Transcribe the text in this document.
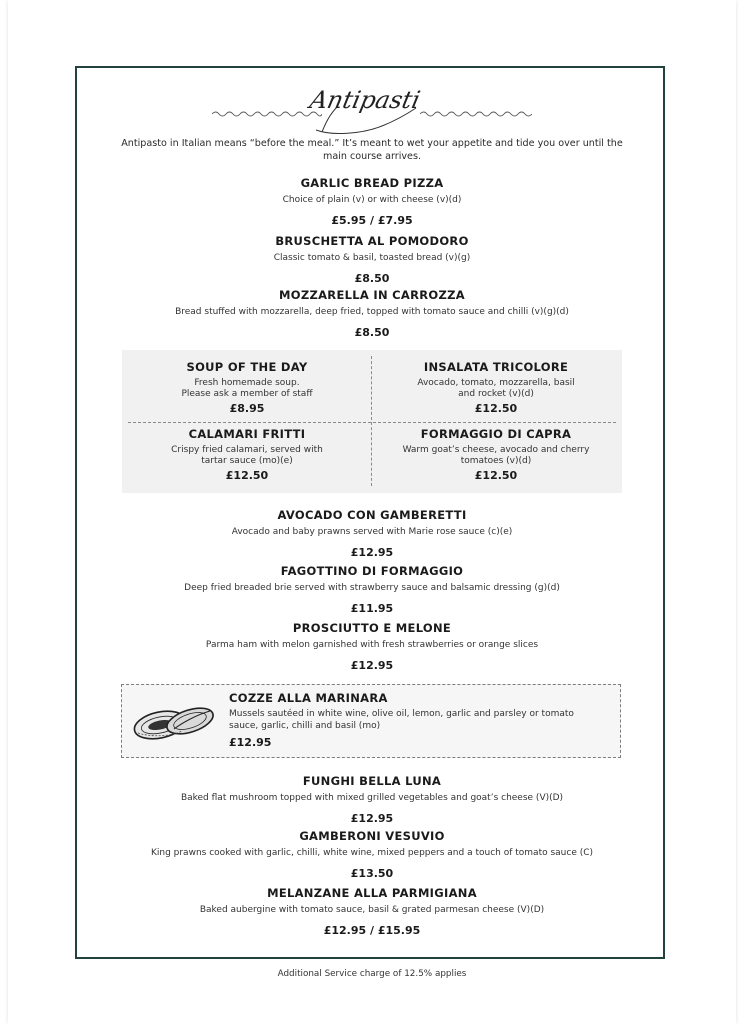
Antipasti
Antipasto in Italian means “before the meal.” It’s meant to wet your appetite and tide you over until the main course arrives.
GARLIC BREAD PIZZA
Choice of plain (v) or with cheese (v)(d)
£5.95 / £7.95
BRUSCHETTA AL POMODORO
Classic tomato & basil, toasted bread (v)(g)
£8.50
MOZZARELLA IN CARROZZA
Bread stuffed with mozzarella, deep fried, topped with tomato sauce and chilli (v)(g)(d)
£8.50
SOUP OF THE DAY
Fresh homemade soup.
Please ask a member of staff
£8.95
INSALATA TRICOLORE
Avocado, tomato, mozzarella, basil
and rocket (v)(d)
£12.50
CALAMARI FRITTI
Crispy fried calamari, served with
tartar sauce (mo)(e)
£12.50
FORMAGGIO DI CAPRA
Warm goat’s cheese, avocado and cherry
tomatoes (v)(d)
£12.50
AVOCADO CON GAMBERETTI
Avocado and baby prawns served with Marie rose sauce (c)(e)
£12.95
FAGOTTINO DI FORMAGGIO
Deep fried breaded brie served with strawberry sauce and balsamic dressing (g)(d)
£11.95
PROSCIUTTO E MELONE
Parma ham with melon garnished with fresh strawberries or orange slices
£12.95
COZZE ALLA MARINARA
Mussels sautéed in white wine, olive oil, lemon, garlic and parsley or tomato
sauce, garlic, chilli and basil (mo)
£12.95
FUNGHI BELLA LUNA
Baked flat mushroom topped with mixed grilled vegetables and goat’s cheese (V)(D)
£12.95
GAMBERONI VESUVIO
King prawns cooked with garlic, chilli, white wine, mixed peppers and a touch of tomato sauce (C)
£13.50
MELANZANE ALLA PARMIGIANA
Baked aubergine with tomato sauce, basil & grated parmesan cheese (V)(D)
£12.95 / £15.95
Additional Service charge of 12.5% applies
